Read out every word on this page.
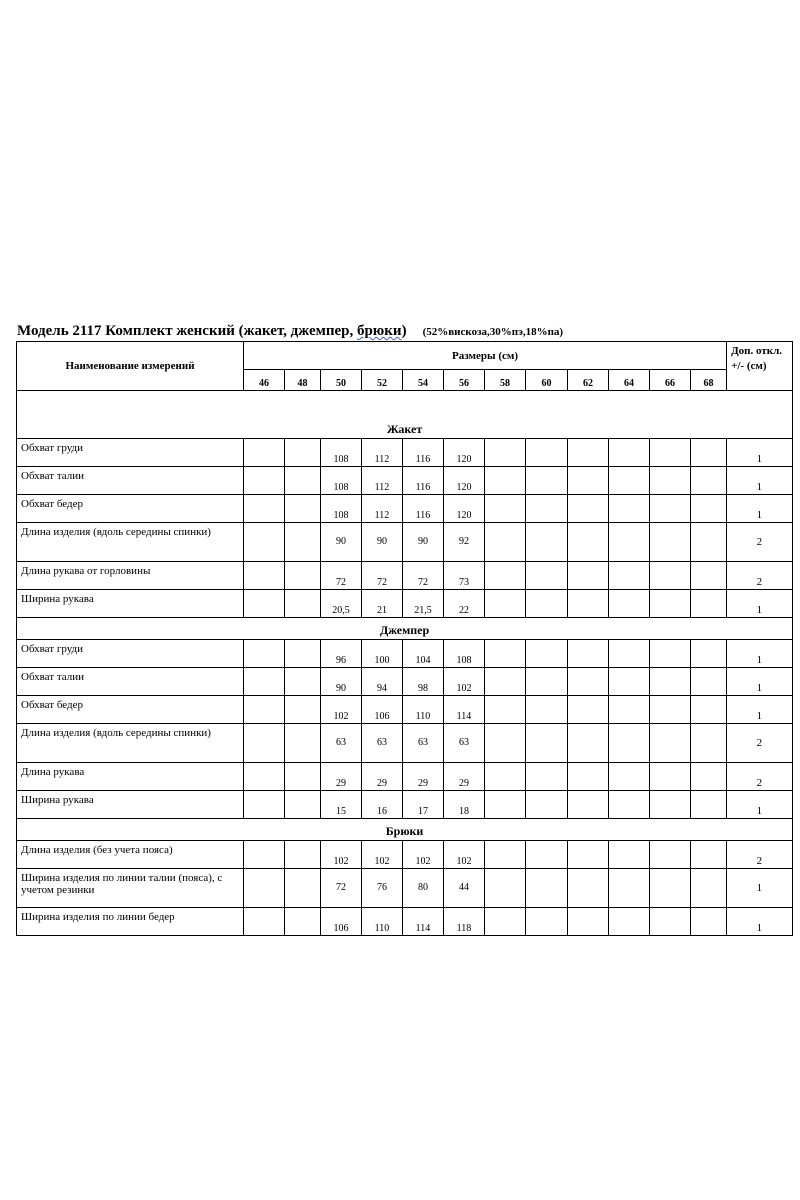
Модель 2117 Комплект женский (жакет, джемпер, брюки) (52%вискоза,30%пэ,18%па)
Наименование измерений	Размеры (см)												Доп. откл. +/- (см)
	46	48	50	52	54	56	58	60	62	64	66	68	

Жакет													
Обхват груди			108	112	116	120							1
Обхват талии			108	112	116	120							1
Обхват бедер			108	112	116	120							1
Длина изделия (вдоль середины спинки)			90	90	90	92							2
Длина рукава от горловины			72	72	72	73							2
Ширина рукава			20,5	21	21,5	22							1
Джемпер													
Обхват груди			96	100	104	108							1
Обхват талии			90	94	98	102							1
Обхват бедер			102	106	110	114							1
Длина изделия (вдоль середины спинки)			63	63	63	63							2
Длина рукава			29	29	29	29							2
Ширина рукава			15	16	17	18							1
Брюки													
Длина изделия (без учета пояса)			102	102	102	102							2
Ширина изделия по линии талии (пояса), с учетом резинки			72	76	80	44							1
Ширина изделия по линии бедер			106	110	114	118							1
